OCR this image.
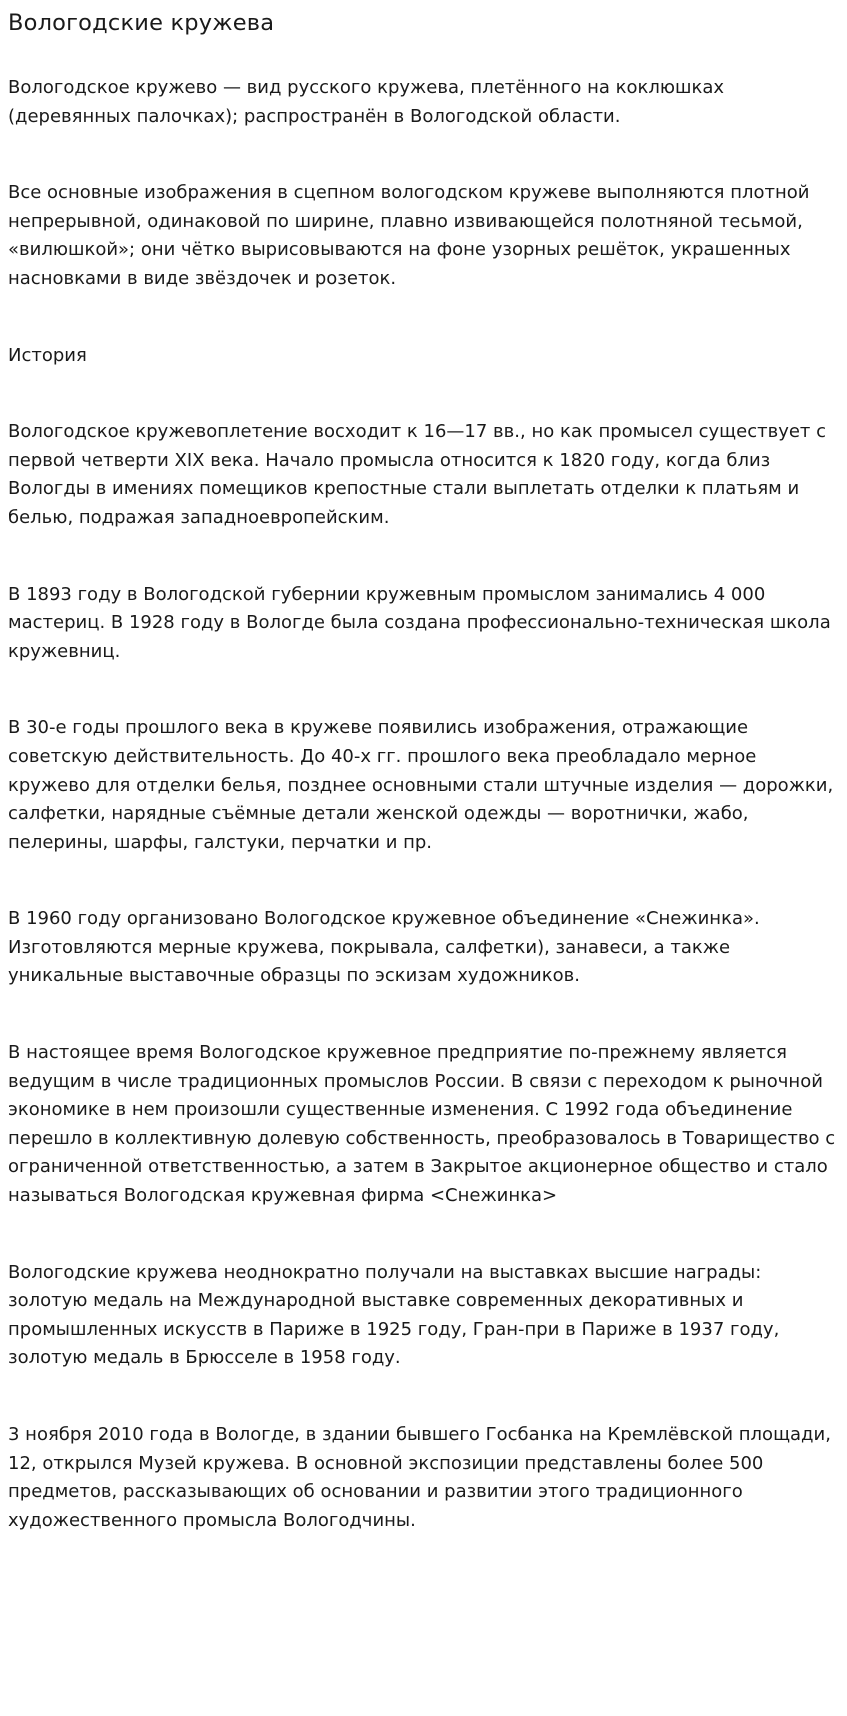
Вологодские кружева

Вологодское кружево — вид русского кружева, плетённого на коклюшках (деревянных палочках); распространён в Вологодской области.

Все основные изображения в сцепном вологодском кружеве выполняются плотной непрерывной, одинаковой по ширине, плавно извивающейся полотняной тесьмой, «вилюшкой»; они чётко вырисовываются на фоне узорных решёток, украшенных насновками в виде звёздочек и розеток.

История

Вологодское кружевоплетение восходит к 16—17 вв., но как промысел существует с первой четверти XIX века. Начало промысла относится к 1820 году, когда близ Вологды в имениях помещиков крепостные стали выплетать отделки к платьям и белью, подражая западноевропейским.

В 1893 году в Вологодской губернии кружевным промыслом занимались 4 000 мастериц. В 1928 году в Вологде была создана профессионально-техническая школа кружевниц.

В 30-е годы прошлого века в кружеве появились изображения, отражающие советскую действительность. До 40-х гг. прошлого века преобладало мерное кружево для отделки белья, позднее основными стали штучные изделия — дорожки, салфетки, нарядные съёмные детали женской одежды — воротнички, жабо, пелерины, шарфы, галстуки, перчатки и пр.

В 1960 году организовано Вологодское кружевное объединение «Снежинка». Изготовляются мерные кружева, покрывала, салфетки), занавеси, а также уникальные выставочные образцы по эскизам художников.

В настоящее время Вологодское кружевное предприятие по-прежнему является ведущим в числе традиционных промыслов России. В связи с переходом к рыночной экономике в нем произошли существенные изменения. С 1992 года объединение перешло в коллективную долевую собственность, преобразовалось в Товарищество с ограниченной ответственностью, а затем в Закрытое акционерное общество и стало называться Вологодская кружевная фирма <Снежинка>

Вологодские кружева неоднократно получали на выставках высшие награды: золотую медаль на Международной выставке современных декоративных и промышленных искусств в Париже в 1925 году, Гран-при в Париже в 1937 году, золотую медаль в Брюсселе в 1958 году.

3 ноября 2010 года в Вологде, в здании бывшего Госбанка на Кремлёвской площади, 12, открылся Музей кружева. В основной экспозиции представлены более 500 предметов, рассказывающих об основании и развитии этого традиционного художественного промысла Вологодчины.
